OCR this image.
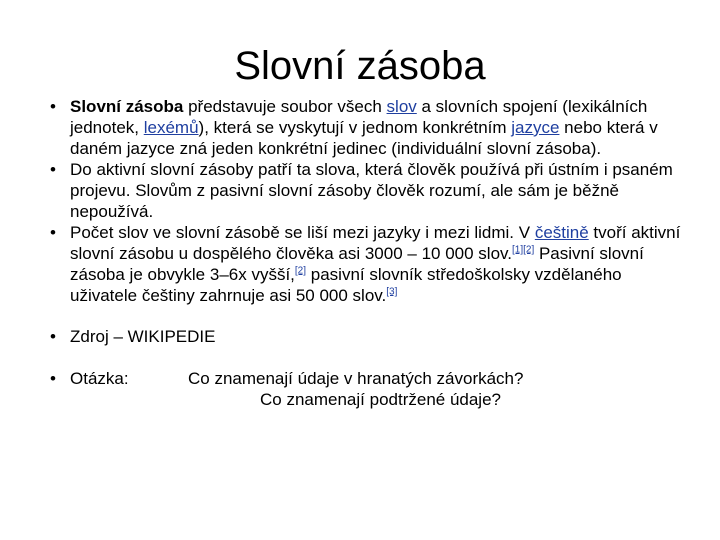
Slovní zásoba
• Slovní zásoba představuje soubor všech slov a slovních spojení (lexikálních jednotek, lexémů), která se vyskytují v jednom konkrétním jazyce nebo která v daném jazyce zná jeden konkrétní jedinec (individuální slovní zásoba).
• Do aktivní slovní zásoby patří ta slova, která člověk používá při ústním i psaném projevu. Slovům z pasivní slovní zásoby člověk rozumí, ale sám je běžně nepoužívá.
• Počet slov ve slovní zásobě se liší mezi jazyky i mezi lidmi. V češtině tvoří aktivní slovní zásobu u dospělého člověka asi 3000 – 10 000 slov.[1][2] Pasivní slovní zásoba je obvykle 3–6x vyšší,[2] pasivní slovník středoškolsky vzdělaného uživatele češtiny zahrnuje asi 50 000 slov.[3]
• Zdroj – WIKIPEDIE
• Otázka:	Co znamenají údaje v hranatých závorkách?
Co znamenají podtržené údaje?
